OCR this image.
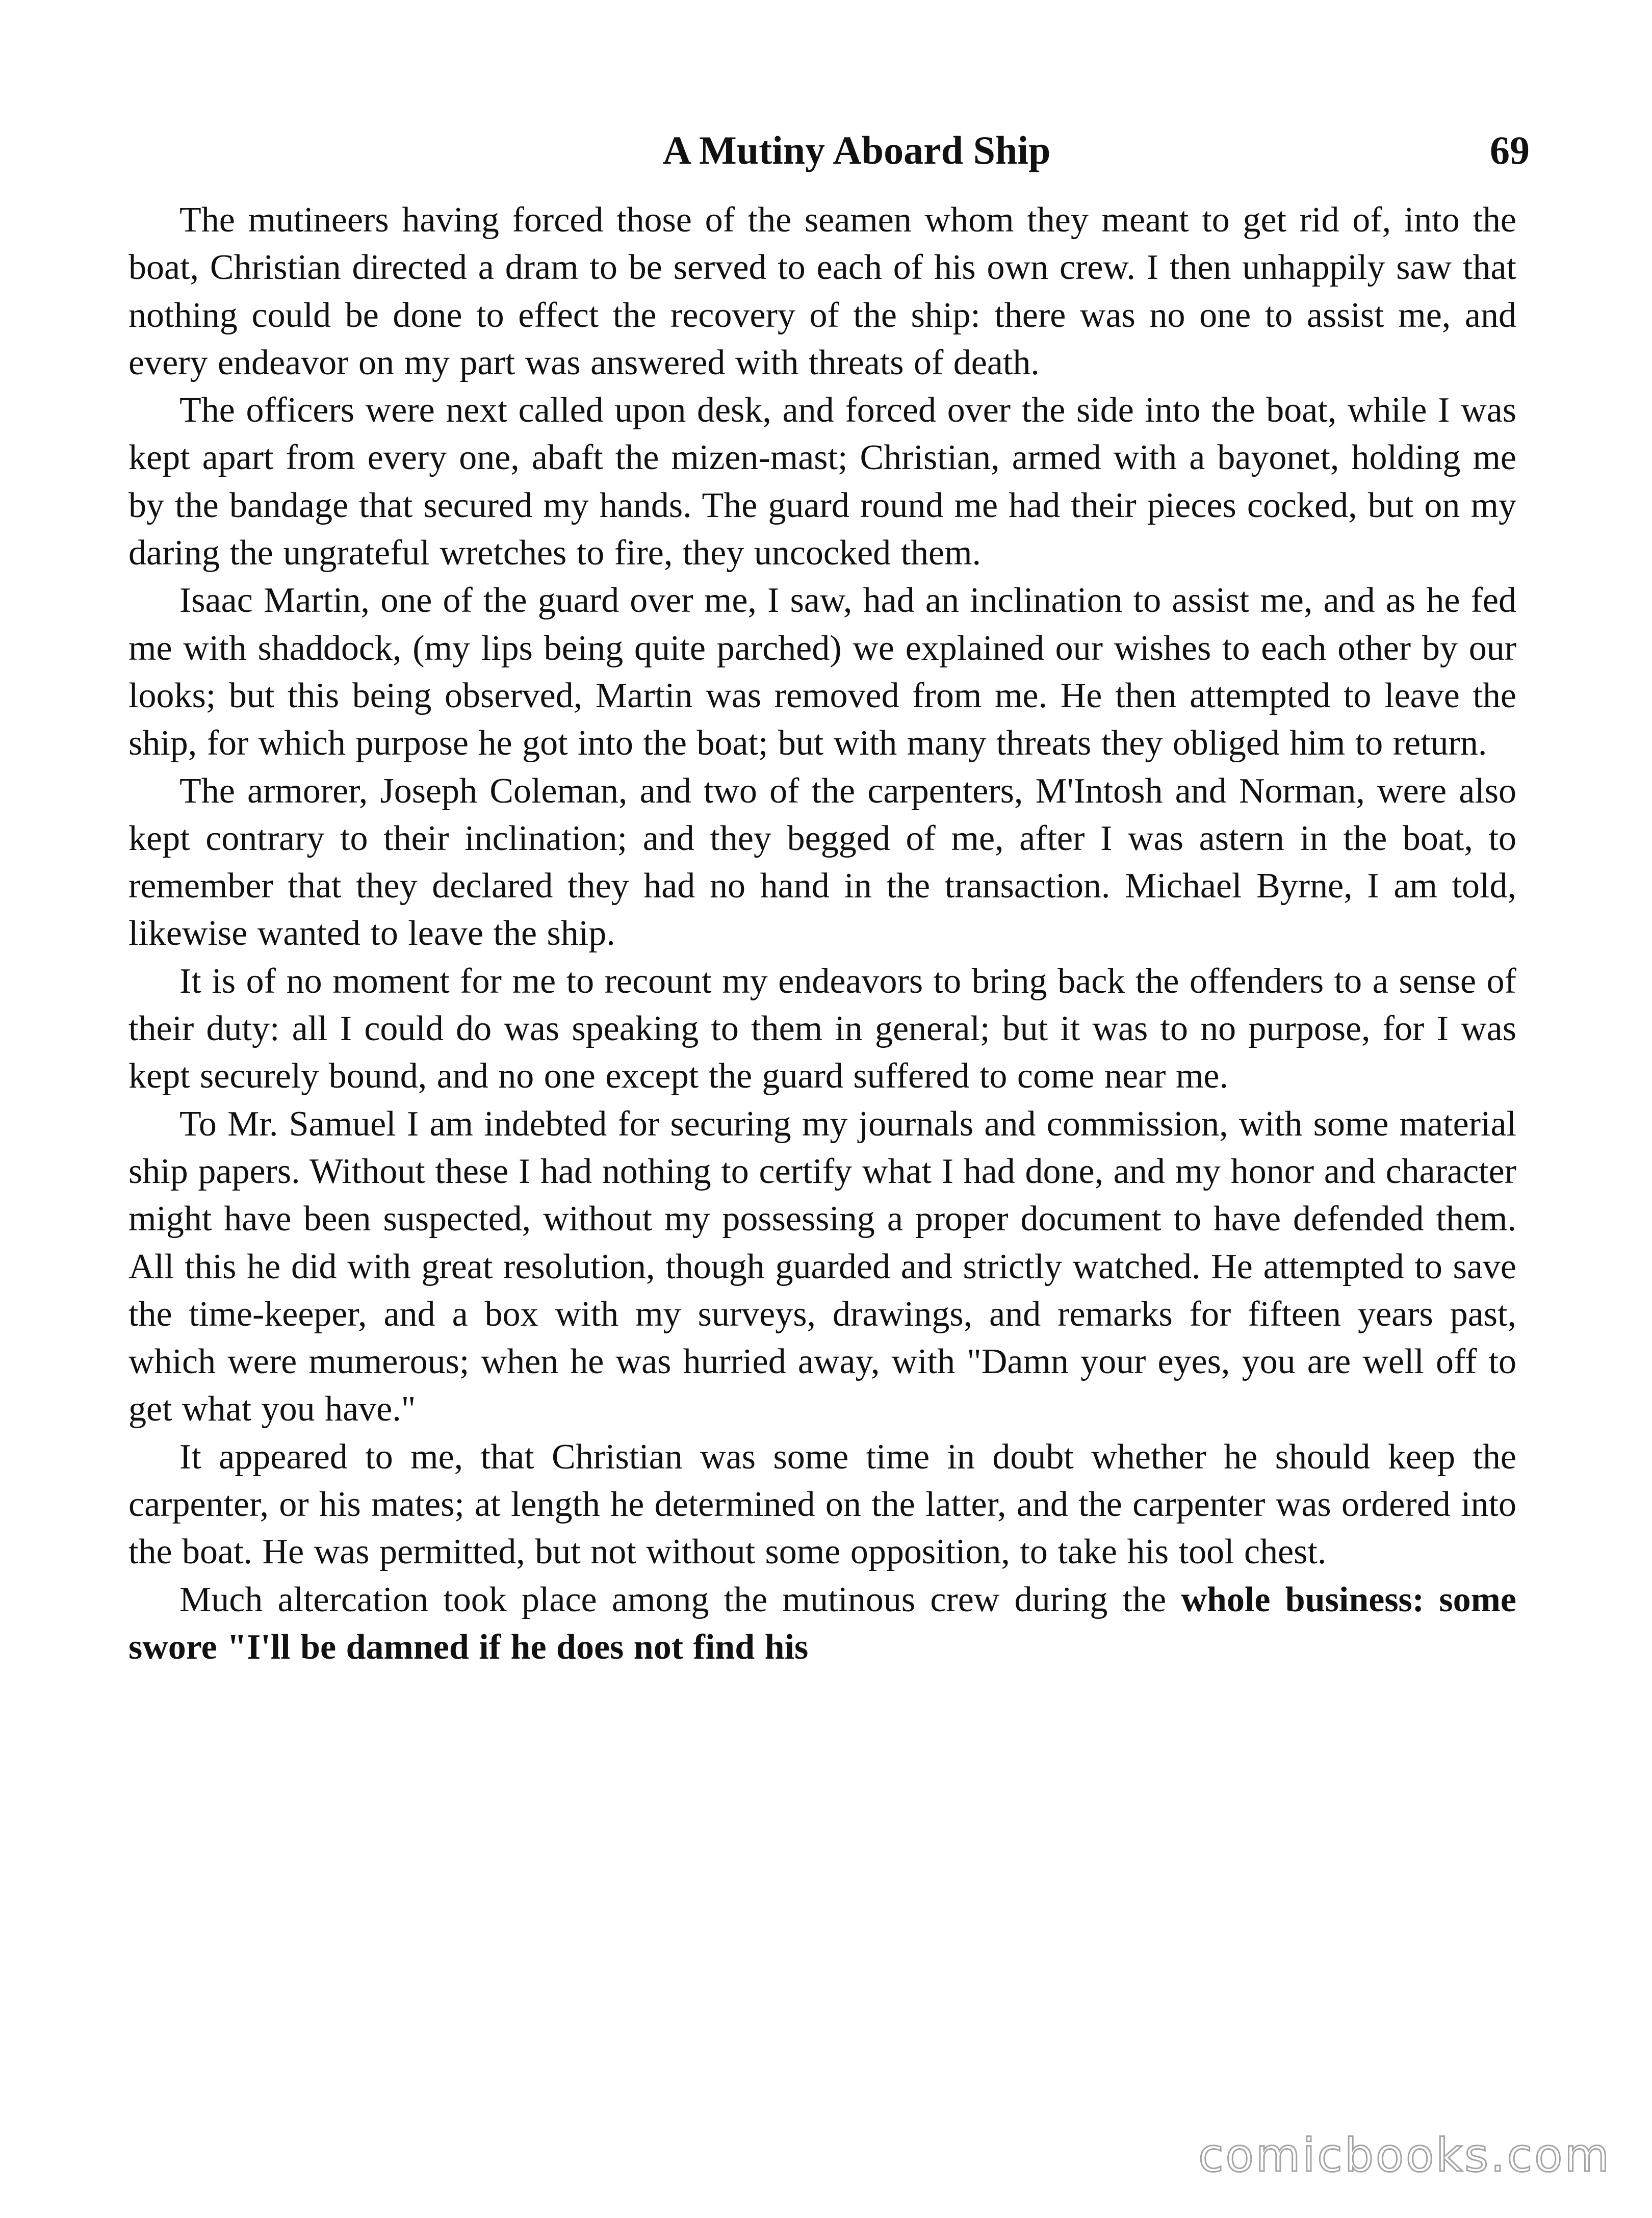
A Mutiny Aboard Ship	69

The mutineers having forced those of the seamen whom they meant to get rid of, into the boat, Christian directed a dram to be served to each of his own crew. I then unhappily saw that nothing could be done to effect the recovery of the ship: there was no one to assist me, and every endeavor on my part was answered with threats of death.

The officers were next called upon desk, and forced over the side into the boat, while I was kept apart from every one, abaft the mizen-mast; Christian, armed with a bayonet, holding me by the bandage that secured my hands. The guard round me had their pieces cocked, but on my daring the ungrateful wretches to fire, they uncocked them.

Isaac Martin, one of the guard over me, I saw, had an inclination to assist me, and as he fed me with shaddock, (my lips being quite parched) we explained our wishes to each other by our looks; but this being observed, Martin was removed from me. He then attempted to leave the ship, for which purpose he got into the boat; but with many threats they obliged him to return.

The armorer, Joseph Coleman, and two of the carpenters, M'Intosh and Norman, were also kept contrary to their inclination; and they begged of me, after I was astern in the boat, to remember that they declared they had no hand in the transaction. Michael Byrne, I am told, likewise wanted to leave the ship.

It is of no moment for me to recount my endeavors to bring back the offenders to a sense of their duty: all I could do was speaking to them in general; but it was to no purpose, for I was kept securely bound, and no one except the guard suffered to come near me.

To Mr. Samuel I am indebted for securing my journals and commission, with some material ship papers. Without these I had nothing to certify what I had done, and my honor and character might have been suspected, without my possessing a proper document to have defended them. All this he did with great resolution, though guarded and strictly watched. He attempted to save the time-keeper, and a box with my surveys, drawings, and remarks for fifteen years past, which were mumerous; when he was hurried away, with "Damn your eyes, you are well off to get what you have."

It appeared to me, that Christian was some time in doubt whether he should keep the carpenter, or his mates; at length he determined on the latter, and the carpenter was ordered into the boat. He was permitted, but not without some opposition, to take his tool chest.

Much altercation took place among the mutinous crew during the whole business: some swore "I'll be damned if he does not find his

comicbooks.com
